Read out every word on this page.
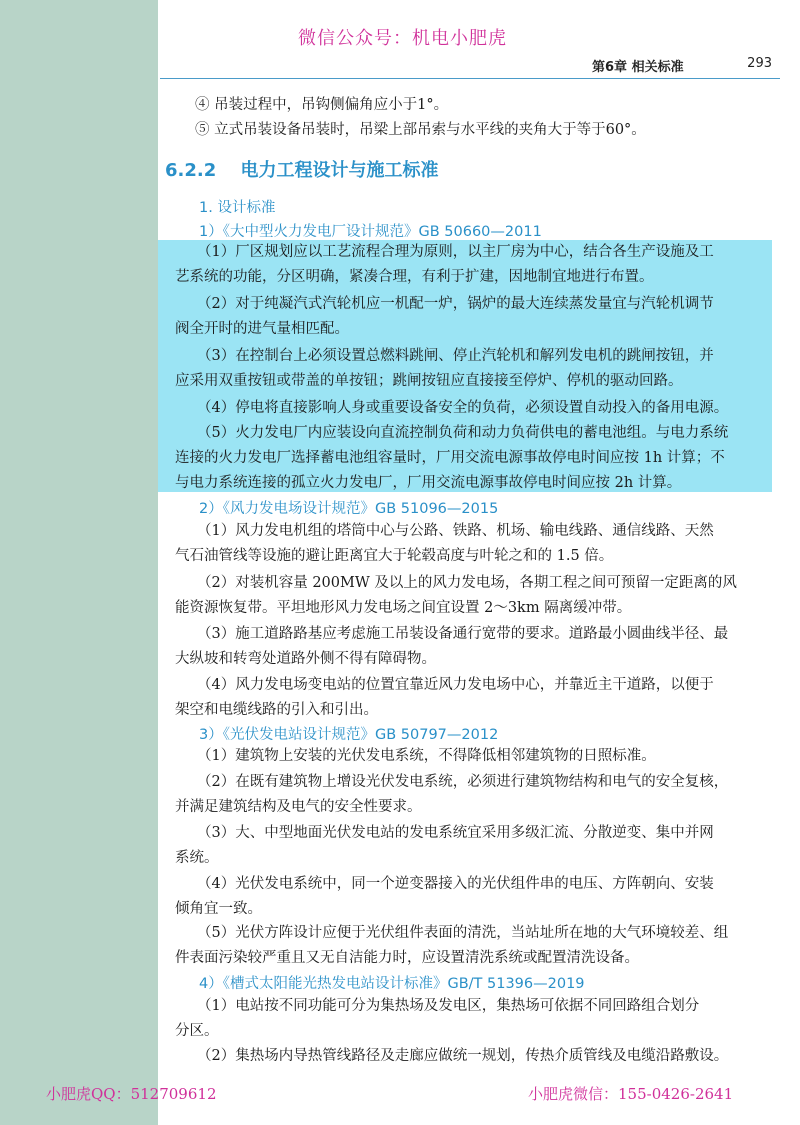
微信公众号：机电小肥虎
第6章 相关标准	293
④ 吊装过程中，吊钩侧偏角应小于1°。
⑤ 立式吊装设备吊装时，吊梁上部吊索与水平线的夹角大于等于60°。
6.2.2 电力工程设计与施工标准
1. 设计标准
1）《大中型火力发电厂设计规范》GB 50660—2011
（1）厂区规划应以工艺流程合理为原则，以主厂房为中心，结合各生产设施及工
艺系统的功能，分区明确，紧凑合理，有利于扩建，因地制宜地进行布置。
（2）对于纯凝汽式汽轮机应一机配一炉，锅炉的最大连续蒸发量宜与汽轮机调节
阀全开时的进气量相匹配。
（3）在控制台上必须设置总燃料跳闸、停止汽轮机和解列发电机的跳闸按钮，并
应采用双重按钮或带盖的单按钮；跳闸按钮应直接接至停炉、停机的驱动回路。
（4）停电将直接影响人身或重要设备安全的负荷，必须设置自动投入的备用电源。
（5）火力发电厂内应装设向直流控制负荷和动力负荷供电的蓄电池组。与电力系统
连接的火力发电厂选择蓄电池组容量时，厂用交流电源事故停电时间应按 1h 计算；不
与电力系统连接的孤立火力发电厂，厂用交流电源事故停电时间应按 2h 计算。
2）《风力发电场设计规范》GB 51096—2015
（1）风力发电机组的塔筒中心与公路、铁路、机场、输电线路、通信线路、天然
气石油管线等设施的避让距离宜大于轮毂高度与叶轮之和的 1.5 倍。
（2）对装机容量 200MW 及以上的风力发电场，各期工程之间可预留一定距离的风
能资源恢复带。平坦地形风力发电场之间宜设置 2～3km 隔离缓冲带。
（3）施工道路路基应考虑施工吊装设备通行宽带的要求。道路最小圆曲线半径、最
大纵坡和转弯处道路外侧不得有障碍物。
（4）风力发电场变电站的位置宜靠近风力发电场中心，并靠近主干道路，以便于
架空和电缆线路的引入和引出。
3）《光伏发电站设计规范》GB 50797—2012
（1）建筑物上安装的光伏发电系统，不得降低相邻建筑物的日照标准。
（2）在既有建筑物上增设光伏发电系统，必须进行建筑物结构和电气的安全复核，
并满足建筑结构及电气的安全性要求。
（3）大、中型地面光伏发电站的发电系统宜采用多级汇流、分散逆变、集中并网
系统。
（4）光伏发电系统中，同一个逆变器接入的光伏组件串的电压、方阵朝向、安装
倾角宜一致。
（5）光伏方阵设计应便于光伏组件表面的清洗，当站址所在地的大气环境较差、组
件表面污染较严重且又无自洁能力时，应设置清洗系统或配置清洗设备。
4）《槽式太阳能光热发电站设计标准》GB/T 51396—2019
（1）电站按不同功能可分为集热场及发电区，集热场可依据不同回路组合划分
分区。
（2）集热场内导热管线路径及走廊应做统一规划，传热介质管线及电缆沿路敷设。
小肥虎QQ：512709612	小肥虎微信：155-0426-2641
